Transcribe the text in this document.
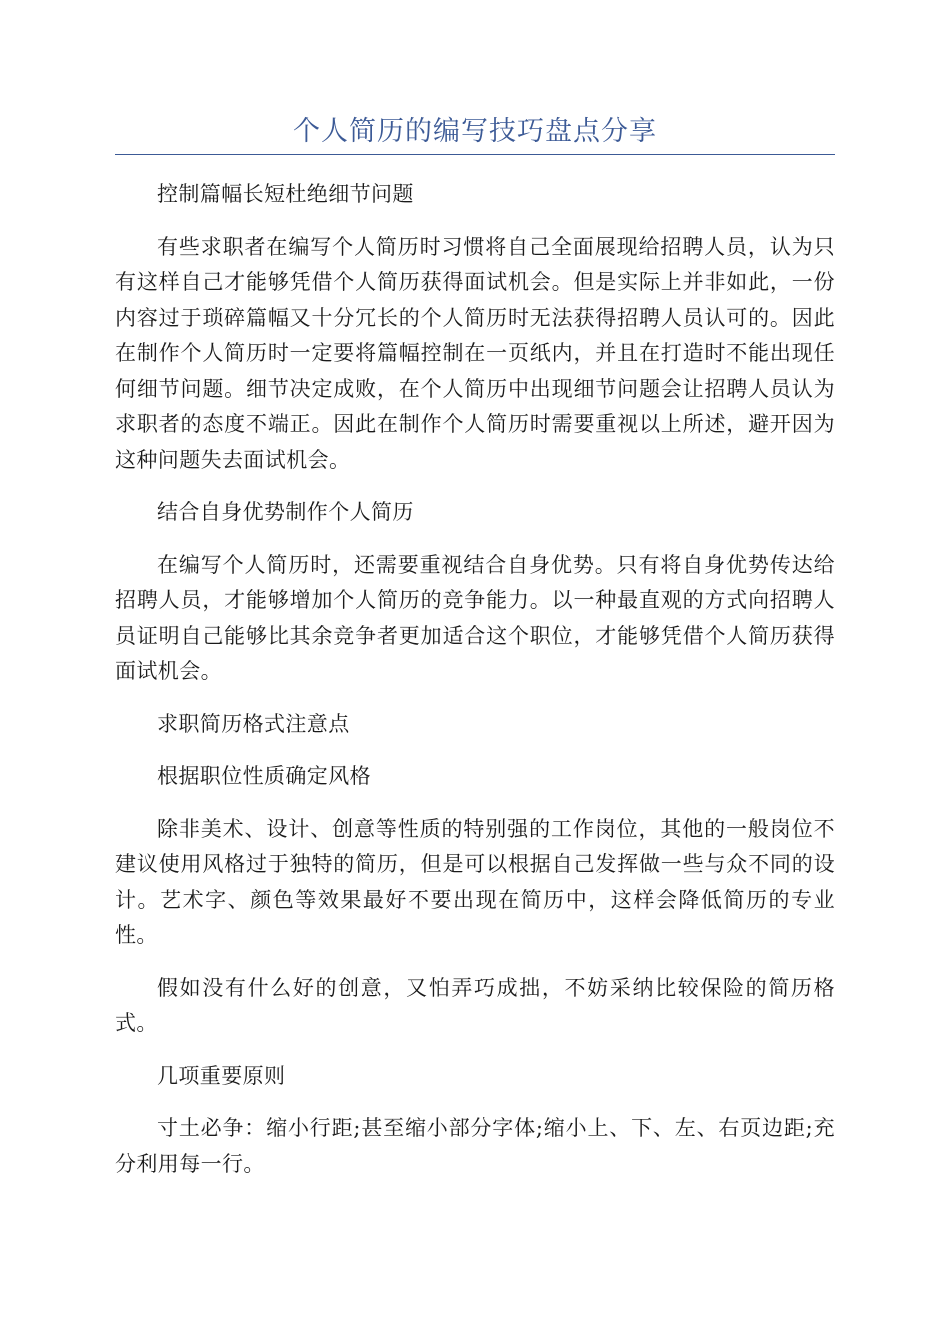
个人简历的编写技巧盘点分享

控制篇幅长短杜绝细节问题

有些求职者在编写个人简历时习惯将自己全面展现给招聘人员，认为只有这样自己才能够凭借个人简历获得面试机会。但是实际上并非如此，一份内容过于琐碎篇幅又十分冗长的个人简历时无法获得招聘人员认可的。因此在制作个人简历时一定要将篇幅控制在一页纸内，并且在打造时不能出现任何细节问题。细节决定成败，在个人简历中出现细节问题会让招聘人员认为求职者的态度不端正。因此在制作个人简历时需要重视以上所述，避开因为这种问题失去面试机会。

结合自身优势制作个人简历

在编写个人简历时，还需要重视结合自身优势。只有将自身优势传达给招聘人员，才能够增加个人简历的竞争能力。以一种最直观的方式向招聘人员证明自己能够比其余竞争者更加适合这个职位，才能够凭借个人简历获得面试机会。

求职简历格式注意点

根据职位性质确定风格

除非美术、设计、创意等性质的特别强的工作岗位，其他的一般岗位不建议使用风格过于独特的简历，但是可以根据自己发挥做一些与众不同的设计。艺术字、颜色等效果最好不要出现在简历中，这样会降低简历的专业性。

假如没有什么好的创意，又怕弄巧成拙，不妨采纳比较保险的简历格式。

几项重要原则

寸土必争：缩小行距;甚至缩小部分字体;缩小上、下、左、右页边距;充分利用每一行。
